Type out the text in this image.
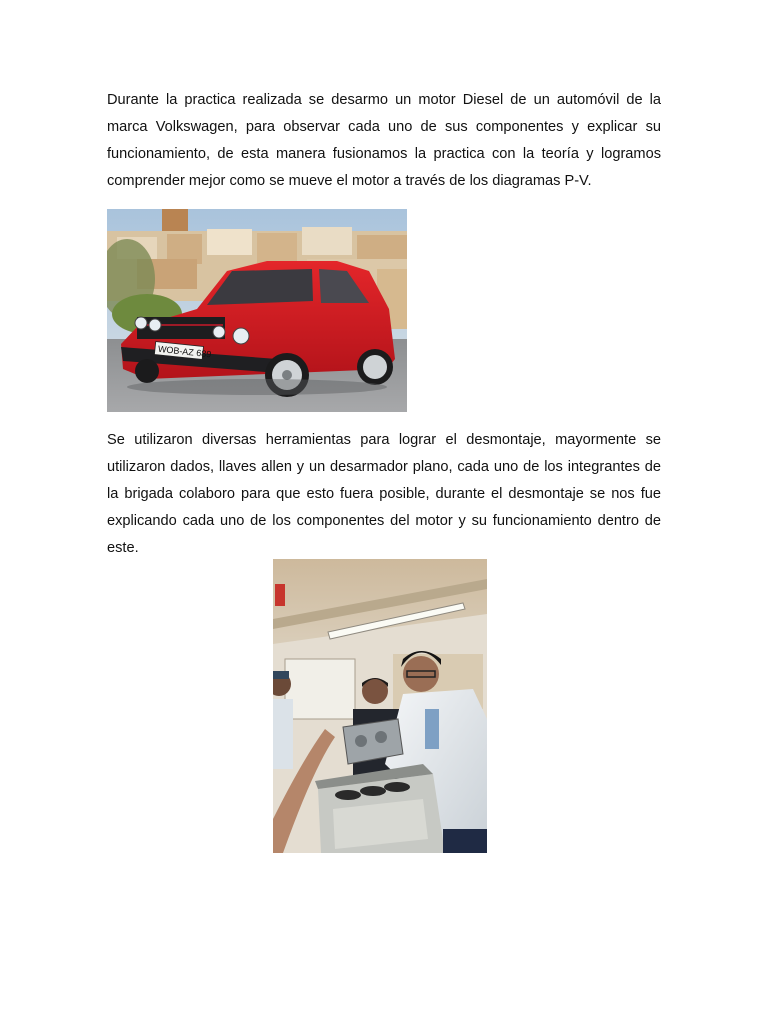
Durante la practica realizada se desarmo un motor Diesel de un automóvil de la marca Volkswagen, para observar cada uno de sus componentes y explicar su funcionamiento, de esta manera fusionamos la practica con la teoría y logramos comprender mejor como se mueve el motor a través de los diagramas P-V.

WOB-AZ 689

Se utilizaron diversas herramientas para lograr el desmontaje, mayormente se utilizaron dados, llaves allen y un desarmador plano, cada uno de los integrantes de la brigada colaboro para que esto fuera posible, durante el desmontaje se nos fue explicando cada uno de los componentes del motor y su funcionamiento dentro de este.
